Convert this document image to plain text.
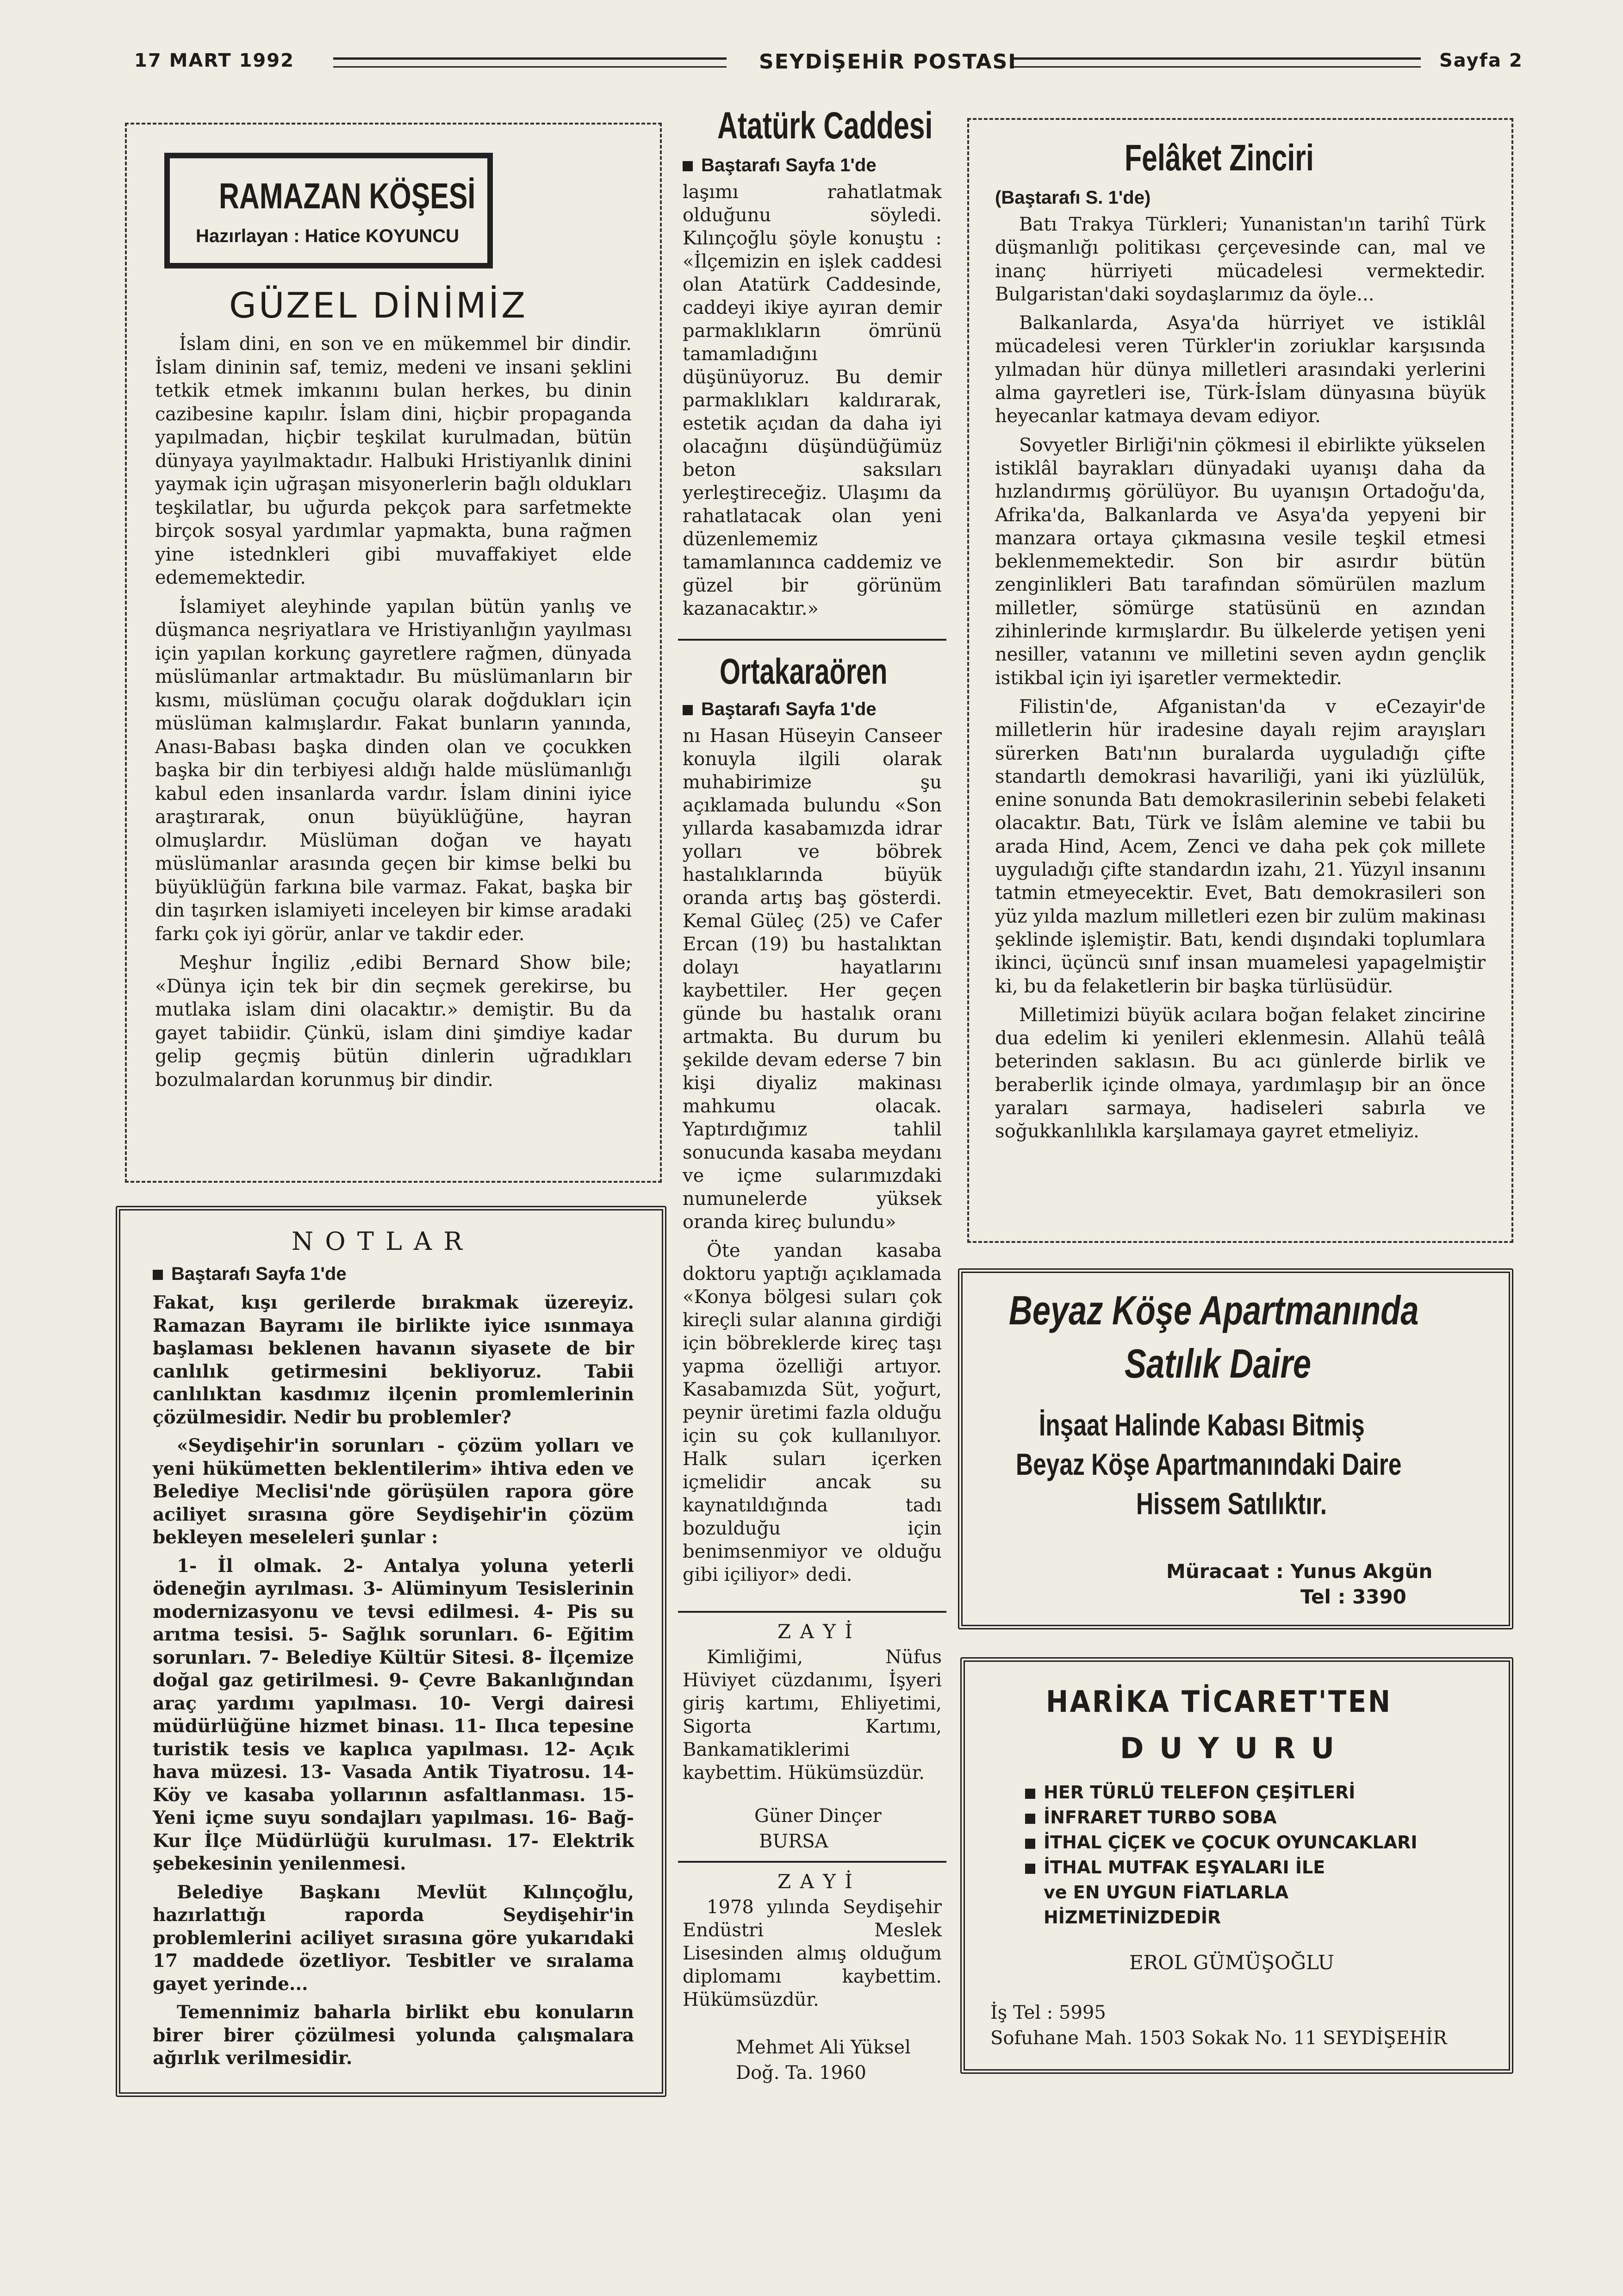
17 MART 1992	SEYDİŞEHİR POSTASI	Sayfa 2
RAMAZAN KÖŞESİ
Hazırlayan : Hatice KOYUNCU
GÜZEL DİNİMİZ

İslam dini, en son ve en mükemmel bir dindir. İslam dininin saf, temiz, medeni ve insani şeklini tetkik etmek imkanını bulan herkes, bu dinin cazibesine kapılır. İslam dini, hiçbir propaganda yapılmadan, hiçbir teşkilat kurulmadan, bütün dünyaya yayılmaktadır. Halbuki Hristiyanlık dinini yaymak için uğraşan misyonerlerin bağlı oldukları teşkilatlar, bu uğurda pekçok para sarfetmekte birçok sosyal yardımlar yapmakta, buna rağmen yine istednkleri gibi muvaffakiyet elde edememektedir.

İslamiyet aleyhinde yapılan bütün yanlış ve düşmanca neşriyatlara ve Hristiyanlığın yayılması için yapılan korkunç gayretlere rağmen, dünyada müslümanlar artmaktadır. Bu müslümanların bir kısmı, müslüman çocuğu olarak doğdukları için müslüman kalmışlardır. Fakat bunların yanında, Anası-Babası başka dinden olan ve çocukken başka bir din terbiyesi aldığı halde müslümanlığı kabul eden insanlarda vardır. İslam dinini iyice araştırarak, onun büyüklüğüne, hayran olmuşlardır. Müslüman doğan ve hayatı müslümanlar arasında geçen bir kimse belki bu büyüklüğün farkına bile varmaz. Fakat, başka bir din taşırken islamiyeti inceleyen bir kimse aradaki farkı çok iyi görür, anlar ve takdir eder.

Meşhur İngiliz ,edibi Bernard Show bile; «Dünya için tek bir din seçmek gerekirse, bu mutlaka islam dini olacaktır.» demiştir. Bu da gayet tabiidir. Çünkü, islam dini şimdiye kadar gelip geçmiş bütün dinlerin uğradıkları bozulmalardan korunmuş bir dindir.

N O T L A R
Baştarafı Sayfa 1'de

Fakat, kışı gerilerde bırakmak üzereyiz. Ramazan Bayramı ile birlikte iyice ısınmaya başlaması beklenen havanın siyasete de bir canlılık getirmesini bekliyoruz. Tabii canlılıktan kasdımız ilçenin promlemlerinin çözülmesidir. Nedir bu problemler?

«Seydişehir'in sorunları - çözüm yolları ve yeni hükümetten beklentilerim» ihtiva eden ve Belediye Meclisi'nde görüşülen rapora göre aciliyet sırasına göre Seydişehir'in çözüm bekleyen meseleleri şunlar :

1- İl olmak. 2- Antalya yoluna yeterli ödeneğin ayrılması. 3- Alüminyum Tesislerinin modernizasyonu ve tevsi edilmesi. 4- Pis su arıtma tesisi. 5- Sağlık sorunları. 6- Eğitim sorunları. 7- Belediye Kültür Sitesi. 8- İlçemize doğal gaz getirilmesi. 9- Çevre Bakanlığından araç yardımı yapılması. 10- Vergi dairesi müdürlüğüne hizmet binası. 11- Ilıca tepesine turistik tesis ve kaplıca yapılması. 12- Açık hava müzesi. 13- Vasada Antik Tiyatrosu. 14- Köy ve kasaba yollarının asfaltlanması. 15- Yeni içme suyu sondajları yapılması. 16- Bağ-Kur İlçe Müdürlüğü kurulması. 17- Elektrik şebekesinin yenilenmesi.

Belediye Başkanı Mevlüt Kılınçoğlu, hazırlattığı raporda Seydişehir'in problemlerini aciliyet sırasına göre yukarıdaki 17 maddede özetliyor. Tesbitler ve sıralama gayet yerinde...

Temennimiz baharla birlikt ebu konuların birer birer çözülmesi yolunda çalışmalara ağırlık verilmesidir.

Atatürk Caddesi
Baştarafı Sayfa 1'de

laşımı rahatlatmak olduğunu söyledi. Kılınçoğlu şöyle konuştu : «İlçemizin en işlek caddesi olan Atatürk Caddesinde, caddeyi ikiye ayıran demir parmaklıkların ömrünü tamamladığını düşünüyoruz. Bu demir parmaklıkları kaldırarak, estetik açıdan da daha iyi olacağını düşündüğümüz beton saksıları yerleştireceğiz. Ulaşımı da rahatlatacak olan yeni düzenlememiz tamamlanınca caddemiz ve güzel bir görünüm kazanacaktır.»

Ortakaraören
Baştarafı Sayfa 1'de

nı Hasan Hüseyin Canseer konuyla ilgili olarak muhabirimize şu açıklamada bulundu «Son yıllarda kasabamızda idrar yolları ve böbrek hastalıklarında büyük oranda artış baş gösterdi. Kemal Güleç (25) ve Cafer Ercan (19) bu hastalıktan dolayı hayatlarını kaybettiler. Her geçen günde bu hastalık oranı artmakta. Bu durum bu şekilde devam ederse 7 bin kişi diyaliz makinası mahkumu olacak. Yaptırdığımız tahlil sonucunda kasaba meydanı ve içme sularımızdaki numunelerde yüksek oranda kireç bulundu»

Öte yandan kasaba doktoru yaptığı açıklamada «Konya bölgesi suları çok kireçli sular alanına girdiği için böbreklerde kireç taşı yapma özelliği artıyor. Kasabamızda Süt, yoğurt, peynir üretimi fazla olduğu için su çok kullanılıyor. Halk suları içerken içmelidir ancak su kaynatıldığında tadı bozulduğu için benimsenmiyor ve olduğu gibi içiliyor» dedi.

Z A Y İ

Kimliğimi, Nüfus Hüviyet cüzdanımı, İşyeri giriş kartımı, Ehliyetimi, Sigorta Kartımı, Bankamatiklerimi kaybettim. Hükümsüzdür.

Güner Dinçer
BURSA
Z A Y İ

1978 yılında Seydişehir Endüstri Meslek Lisesinden almış olduğum diplomamı kaybettim. Hükümsüzdür.

Mehmet Ali Yüksel
Doğ. Ta. 1960
Felâket Zinciri
(Baştarafı S. 1'de)

Batı Trakya Türkleri; Yunanistan'ın tarihî Türk düşmanlığı politikası çerçevesinde can, mal ve inanç hürriyeti mücadelesi vermektedir. Bulgaristan'daki soydaşlarımız da öyle...

Balkanlarda, Asya'da hürriyet ve istiklâl mücadelesi veren Türkler'in zoriuklar karşısında yılmadan hür dünya milletleri arasındaki yerlerini alma gayretleri ise, Türk-İslam dünyasına büyük heyecanlar katmaya devam ediyor.

Sovyetler Birliği'nin çökmesi il ebirlikte yükselen istiklâl bayrakları dünyadaki uyanışı daha da hızlandırmış görülüyor. Bu uyanışın Ortadoğu'da, Afrika'da, Balkanlarda ve Asya'da yepyeni bir manzara ortaya çıkmasına vesile teşkil etmesi beklenmemektedir. Son bir asırdır bütün zenginlikleri Batı tarafından sömürülen mazlum milletler, sömürge statüsünü en azından zihinlerinde kırmışlardır. Bu ülkelerde yetişen yeni nesiller, vatanını ve milletini seven aydın gençlik istikbal için iyi işaretler vermektedir.

Filistin'de, Afganistan'da v eCezayir'de milletlerin hür iradesine dayalı rejim arayışları sürerken Batı'nın buralarda uyguladığı çifte standartlı demokrasi havariliği, yani iki yüzlülük, enine sonunda Batı demokrasilerinin sebebi felaketi olacaktır. Batı, Türk ve İslâm alemine ve tabii bu arada Hind, Acem, Zenci ve daha pek çok millete uyguladığı çifte standardın izahı, 21. Yüzyıl insanını tatmin etmeyecektir. Evet, Batı demokrasileri son yüz yılda mazlum milletleri ezen bir zulüm makinası şeklinde işlemiştir. Batı, kendi dışındaki toplumlara ikinci, üçüncü sınıf insan muamelesi yapagelmiştir ki, bu da felaketlerin bir başka türlüsüdür.

Milletimizi büyük acılara boğan felaket zincirine dua edelim ki yenileri eklenmesin. Allahü teâlâ beterinden saklasın. Bu acı günlerde birlik ve beraberlik içinde olmaya, yardımlaşıp bir an önce yaraları sarmaya, hadiseleri sabırla ve soğukkanlılıkla karşılamaya gayret etmeliyiz.

Beyaz Köşe Apartmanında
Satılık Daire
İnşaat Halinde Kabası Bitmiş
Beyaz Köşe Apartmanındaki Daire
Hissem Satılıktır.
Müracaat : Yunus Akgün
Tel : 3390
HARİKA TİCARET'TEN
D U Y U R U
HER TÜRLÜ TELEFON ÇEŞİTLERİ
İNFRARET TURBO SOBA
İTHAL ÇİÇEK ve ÇOCUK OYUNCAKLARI
İTHAL MUTFAK EŞYALARI İLE
ve EN UYGUN FİATLARLA
HİZMETİNİZDEDİR
EROL GÜMÜŞOĞLU
İş Tel : 5995
Sofuhane Mah. 1503 Sokak No. 11 SEYDİŞEHİR
